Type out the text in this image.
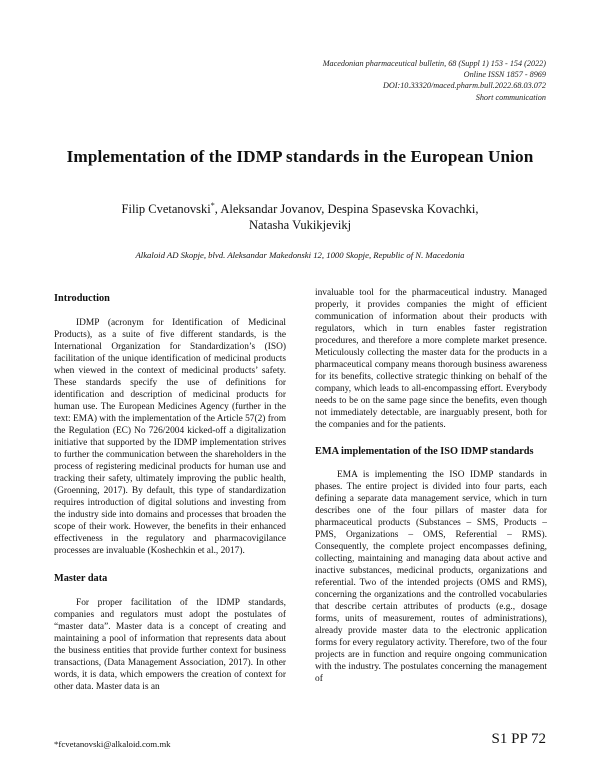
Macedonian pharmaceutical bulletin, 68 (Suppl 1) 153 - 154 (2022)
Online ISSN 1857 - 8969
DOI:10.33320/maced.pharm.bull.2022.68.03.072
Short communication
Implementation of the IDMP standards in the European Union
Filip Cvetanovski*, Aleksandar Jovanov, Despina Spasevska Kovachki,
Natasha Vukikjevikj
Alkaloid AD Skopje, blvd. Aleksandar Makedonski 12, 1000 Skopje, Republic of N. Macedonia
Introduction

IDMP (acronym for Identification of Medicinal Products), as a suite of five different standards, is the International Organization for Standardization’s (ISO) facilitation of the unique identification of medicinal products when viewed in the context of medicinal products’ safety. These standards specify the use of definitions for identification and description of medicinal products for human use. The European Medicines Agency (further in the text: EMA) with the implementation of the Article 57(2) from the Regulation (EC) No 726/2004 kicked-off a digitalization initiative that supported by the IDMP implementation strives to further the communication between the shareholders in the process of registering medicinal products for human use and tracking their safety, ultimately improving the public health, (Groenning, 2017). By default, this type of standardization requires introduction of digital solutions and investing from the industry side into domains and processes that broaden the scope of their work. However, the benefits in their enhanced effectiveness in the regulatory and pharmacovigilance processes are invaluable (Koshechkin et al., 2017).

Master data

For proper facilitation of the IDMP standards, companies and regulators must adopt the postulates of “master data”. Master data is a concept of creating and maintaining a pool of information that represents data about the business entities that provide further context for business transactions, (Data Management Association, 2017). In other words, it is data, which empowers the creation of context for other data. Master data is an

invaluable tool for the pharmaceutical industry. Managed properly, it provides companies the might of efficient communication of information about their products with regulators, which in turn enables faster registration procedures, and therefore a more complete market presence. Meticulously collecting the master data for the products in a pharmaceutical company means thorough business awareness for its benefits, collective strategic thinking on behalf of the company, which leads to all-encompassing effort. Everybody needs to be on the same page since the benefits, even though not immediately detectable, are inarguably present, both for the companies and for the patients.

EMA implementation of the ISO IDMP standards

EMA is implementing the ISO IDMP standards in phases. The entire project is divided into four parts, each defining a separate data management service, which in turn describes one of the four pillars of master data for pharmaceutical products (Substances – SMS, Products – PMS, Organizations – OMS, Referential – RMS). Consequently, the complete project encompasses defining, collecting, maintaining and managing data about active and inactive substances, medicinal products, organizations and referential. Two of the intended projects (OMS and RMS), concerning the organizations and the controlled vocabularies that describe certain attributes of products (e.g., dosage forms, units of measurement, routes of administrations), already provide master data to the electronic application forms for every regulatory activity. Therefore, two of the four projects are in function and require ongoing communication with the industry. The postulates concerning the management of

*fcvetanovski@alkaloid.com.mk	S1 PP 72
